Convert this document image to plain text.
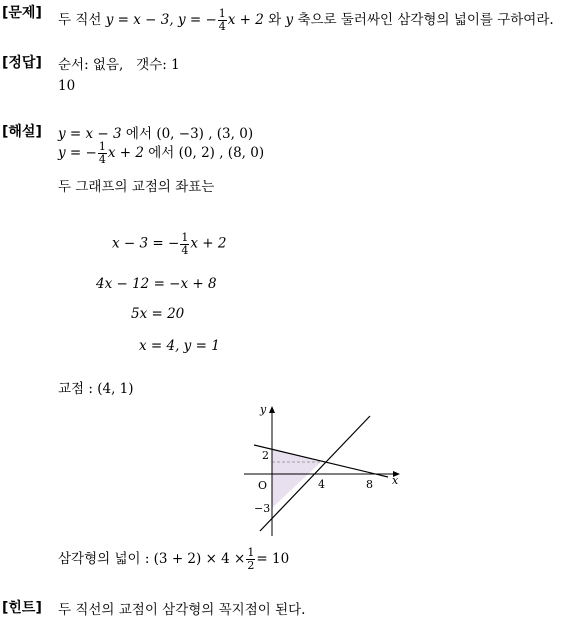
[문제] 두 직선 y = x − 3, y = − $\frac{1}{4}$ x + 2 와 y 축으로 둘러싸인 삼각형의 넓이를 구하여라.
[정답] 순서: 없음, 갯수: 1
10
[해설] y = x − 3 에서 (0, −3) , (3, 0)
y = − $\frac{1}{4}$ x + 2 에서 (0, 2) , (8, 0)
두 그래프의 교점의 좌표는
x − 3 = − $\frac{1}{4}$ x + 2
4x − 12 = −x + 8
5x = 20
x = 4, y = 1
교점 : (4, 1)
x
y
O
2
−3
4	8
삼각형의 넓이 : $(3 + 2) \times 4 \times \frac{1}{2} = 10$
[힌트] 두 직선의 교점이 삼각형의 꼭지점이 된다.
